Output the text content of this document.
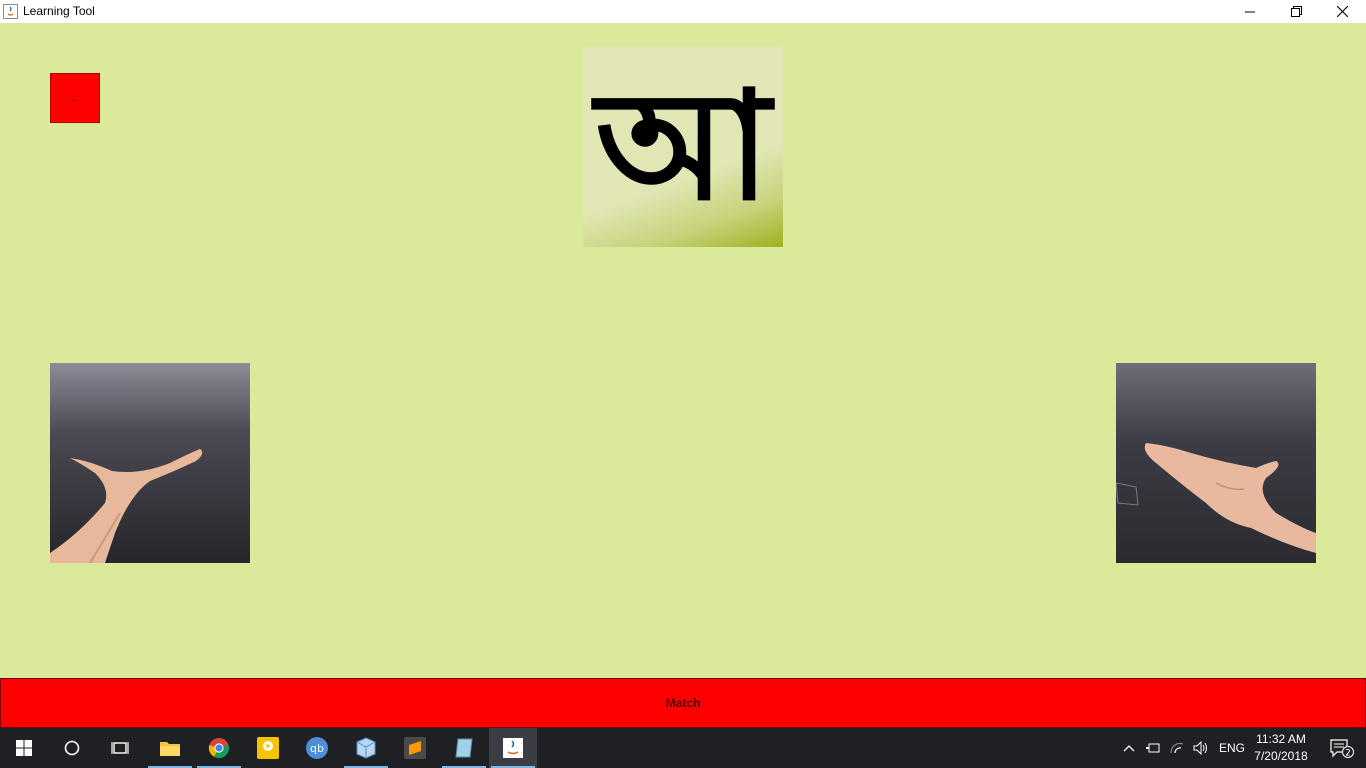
Learning Tool
...	আ
Match
qb	ENG
11:32 AM
7/20/2018	2
